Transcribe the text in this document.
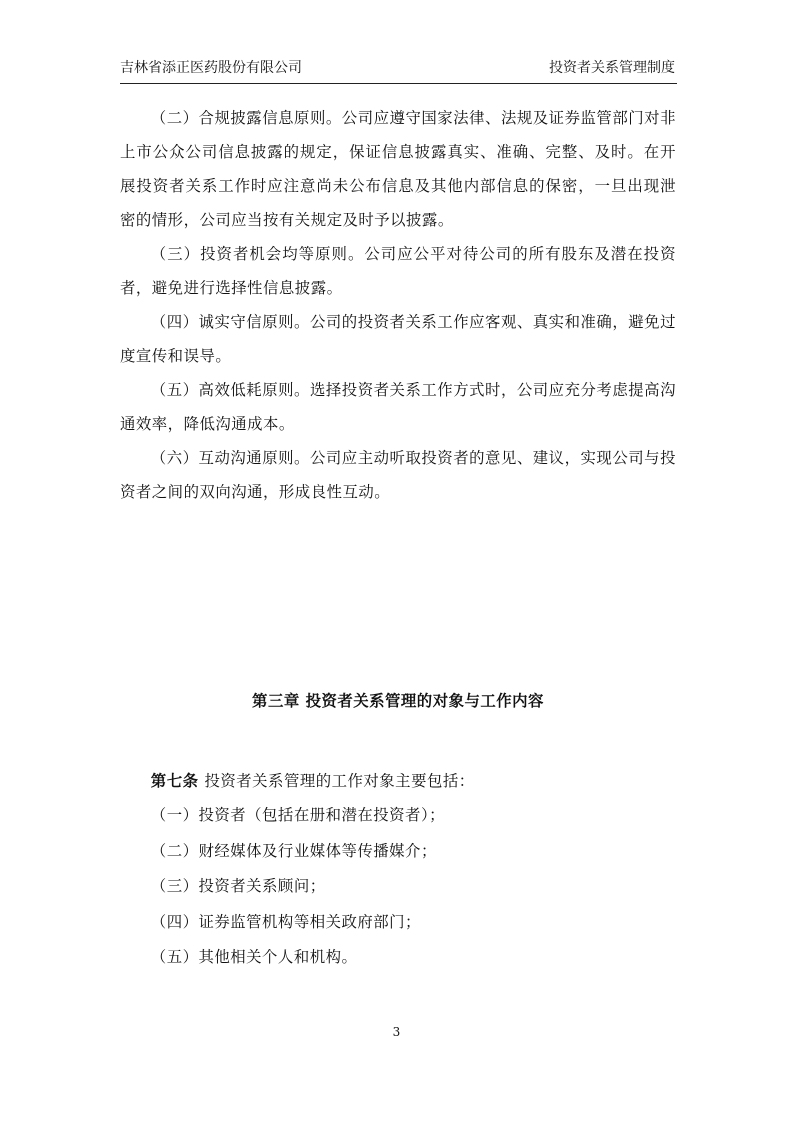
吉林省添正医药股份有限公司	投资者关系管理制度

（二）合规披露信息原则。公司应遵守国家法律、法规及证券监管部门对非上市公众公司信息披露的规定，保证信息披露真实、准确、完整、及时。在开展投资者关系工作时应注意尚未公布信息及其他内部信息的保密，一旦出现泄密的情形，公司应当按有关规定及时予以披露。

（三）投资者机会均等原则。公司应公平对待公司的所有股东及潜在投资者，避免进行选择性信息披露。

（四）诚实守信原则。公司的投资者关系工作应客观、真实和准确，避免过度宣传和误导。

（五）高效低耗原则。选择投资者关系工作方式时，公司应充分考虑提高沟通效率，降低沟通成本。

（六）互动沟通原则。公司应主动听取投资者的意见、建议，实现公司与投资者之间的双向沟通，形成良性互动。

第三章 投资者关系管理的对象与工作内容

第七条 投资者关系管理的工作对象主要包括：

（一）投资者（包括在册和潜在投资者）；

（二）财经媒体及行业媒体等传播媒介；

（三）投资者关系顾问；

（四）证券监管机构等相关政府部门；

（五）其他相关个人和机构。

3
